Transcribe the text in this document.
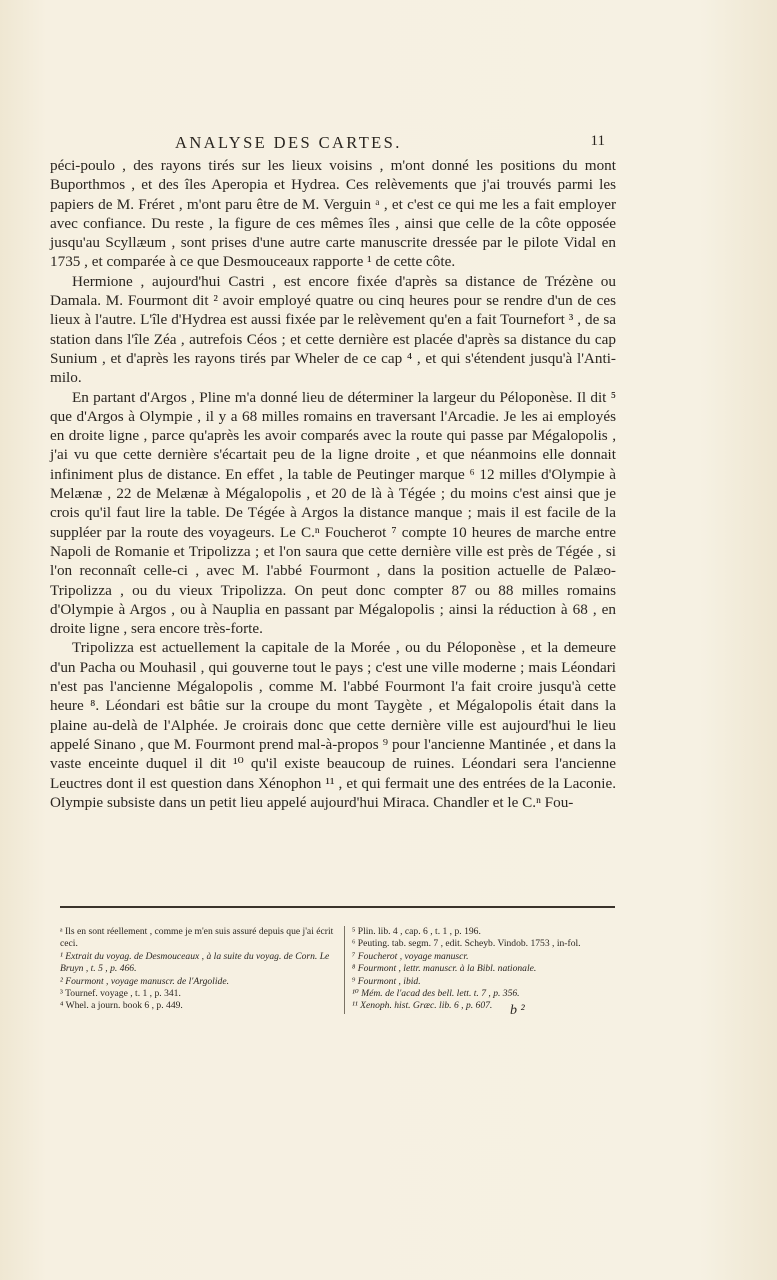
ANALYSE DES CARTES.	11

péci-poulo , des rayons tirés sur les lieux voisins , m'ont donné les positions du mont Buporthmos , et des îles Aperopia et Hydrea. Ces relèvements que j'ai trouvés parmi les papiers de M. Fréret , m'ont paru être de M. Verguin ᵃ , et c'est ce qui me les a fait employer avec confiance. Du reste , la figure de ces mêmes îles , ainsi que celle de la côte opposée jusqu'au Scyllæum , sont prises d'une autre carte manuscrite dressée par le pilote Vidal en 1735 , et comparée à ce que Desmouceaux rapporte ¹ de cette côte.

Hermione , aujourd'hui Castri , est encore fixée d'après sa distance de Trézène ou Damala. M. Fourmont dit ² avoir employé quatre ou cinq heures pour se rendre d'un de ces lieux à l'autre. L'île d'Hydrea est aussi fixée par le relèvement qu'en a fait Tournefort ³ , de sa station dans l'île Zéa , autrefois Céos ; et cette dernière est placée d'après sa distance du cap Sunium , et d'après les rayons tirés par Wheler de ce cap ⁴ , et qui s'étendent jusqu'à l'Anti-milo.

En partant d'Argos , Pline m'a donné lieu de déterminer la largeur du Péloponèse. Il dit ⁵ que d'Argos à Olympie , il y a 68 milles romains en traversant l'Arcadie. Je les ai employés en droite ligne , parce qu'après les avoir comparés avec la route qui passe par Mégalopolis , j'ai vu que cette dernière s'écartait peu de la ligne droite , et que néanmoins elle donnait infiniment plus de distance. En effet , la table de Peutinger marque ⁶ 12 milles d'Olympie à Melænæ , 22 de Melænæ à Mégalopolis , et 20 de là à Tégée ; du moins c'est ainsi que je crois qu'il faut lire la table. De Tégée à Argos la distance manque ; mais il est facile de la suppléer par la route des voyageurs. Le C.ⁿ Foucherot ⁷ compte 10 heures de marche entre Napoli de Romanie et Tripolizza ; et l'on saura que cette dernière ville est près de Tégée , si l'on reconnaît celle-ci , avec M. l'abbé Fourmont , dans la position actuelle de Palæo-Tripolizza , ou du vieux Tripolizza. On peut donc compter 87 ou 88 milles romains d'Olympie à Argos , ou à Nauplia en passant par Mégalopolis ; ainsi la réduction à 68 , en droite ligne , sera encore très-forte.

Tripolizza est actuellement la capitale de la Morée , ou du Péloponèse , et la demeure d'un Pacha ou Mouhasil , qui gouverne tout le pays ; c'est une ville moderne ; mais Léondari n'est pas l'ancienne Mégalopolis , comme M. l'abbé Fourmont l'a fait croire jusqu'à cette heure ⁸. Léondari est bâtie sur la croupe du mont Taygète , et Mégalopolis était dans la plaine au-delà de l'Alphée. Je croirais donc que cette dernière ville est aujourd'hui le lieu appelé Sinano , que M. Fourmont prend mal-à-propos ⁹ pour l'ancienne Mantinée , et dans la vaste enceinte duquel il dit ¹⁰ qu'il existe beaucoup de ruines. Léondari sera l'ancienne Leuctres dont il est question dans Xénophon ¹¹ , et qui fermait une des entrées de la Laconie. Olympie subsiste dans un petit lieu appelé aujourd'hui Miraca. Chandler et le C.ⁿ Fou-

ᵃ Ils en sont réellement , comme je m'en suis assuré depuis que j'ai écrit ceci.

¹ Extrait du voyag. de Desmouceaux , à la suite du voyag. de Corn. Le Bruyn , t. 5 , p. 466.

² Fourmont , voyage manuscr. de l'Argolide.

³ Tournef. voyage , t. 1 , p. 341.

⁴ Whel. a journ. book 6 , p. 449.

⁵ Plin. lib. 4 , cap. 6 , t. 1 , p. 196.

⁶ Peuting. tab. segm. 7 , edit. Scheyb. Vindob. 1753 , in-fol.

⁷ Foucherot , voyage manuscr.

⁸ Fourmont , lettr. manuscr. à la Bibl. nationale.

⁹ Fourmont , ibid.

¹⁰ Mém. de l'acad des bell. lett. t. 7 , p. 356.

¹¹ Xenoph. hist. Græc. lib. 6 , p. 607.	b ²
